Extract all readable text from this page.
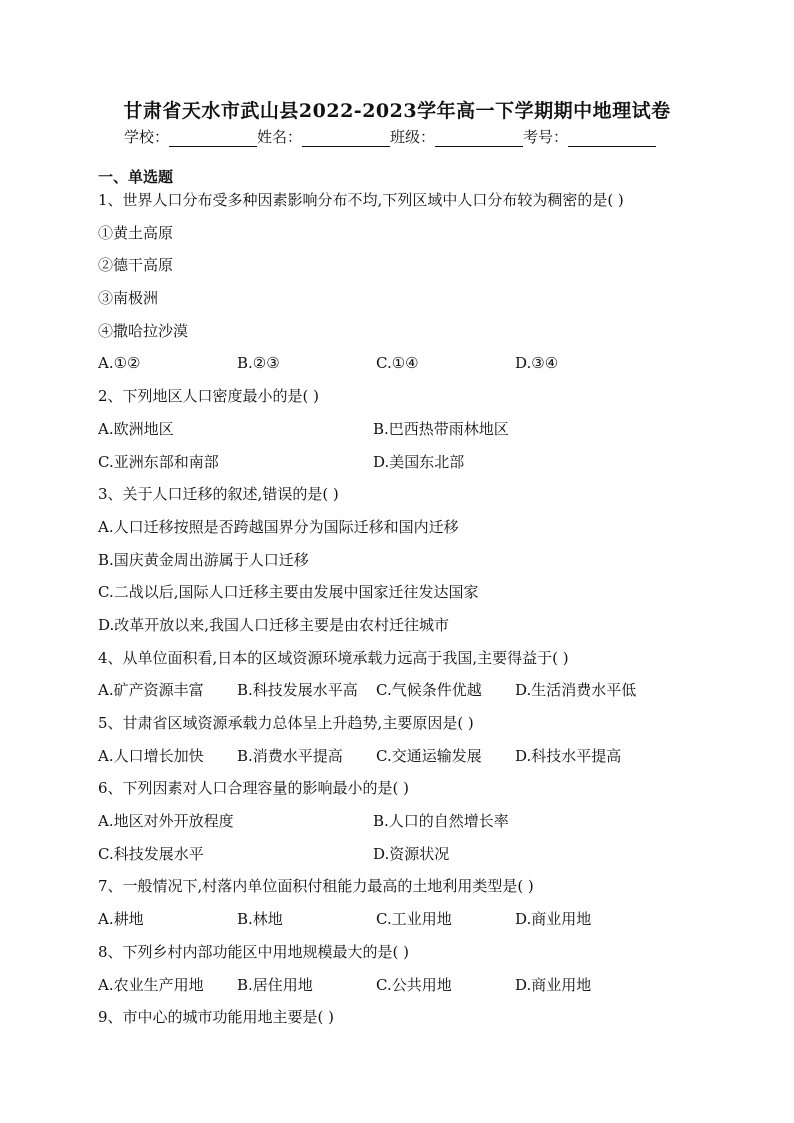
甘肃省天水市武山县2022-2023学年高一下学期期中地理试卷
学校：	姓名：	班级：	考号：
一、单选题
1、世界人口分布受多种因素影响分布不均,下列区域中人口分布较为稠密的是( )
①黄土高原
②德干高原
③南极洲
④撒哈拉沙漠
A.①②	B.②③	C.①④	D.③④
2、下列地区人口密度最小的是( )
A.欧洲地区	B.巴西热带雨林地区
C.亚洲东部和南部	D.美国东北部
3、关于人口迁移的叙述,错误的是( )
A.人口迁移按照是否跨越国界分为国际迁移和国内迁移
B.国庆黄金周出游属于人口迁移
C.二战以后,国际人口迁移主要由发展中国家迁往发达国家
D.改革开放以来,我国人口迁移主要是由农村迁往城市
4、从单位面积看,日本的区域资源环境承载力远高于我国,主要得益于( )
A.矿产资源丰富	B.科技发展水平高	C.气候条件优越	D.生活消费水平低
5、甘肃省区域资源承载力总体呈上升趋势,主要原因是( )
A.人口增长加快	B.消费水平提高	C.交通运输发展	D.科技水平提高
6、下列因素对人口合理容量的影响最小的是( )
A.地区对外开放程度	B.人口的自然增长率
C.科技发展水平	D.资源状况
7、一般情况下,村落内单位面积付租能力最高的土地利用类型是( )
A.耕地	B.林地	C.工业用地	D.商业用地
8、下列乡村内部功能区中用地规模最大的是( )
A.农业生产用地	B.居住用地	C.公共用地	D.商业用地
9、市中心的城市功能用地主要是( )
